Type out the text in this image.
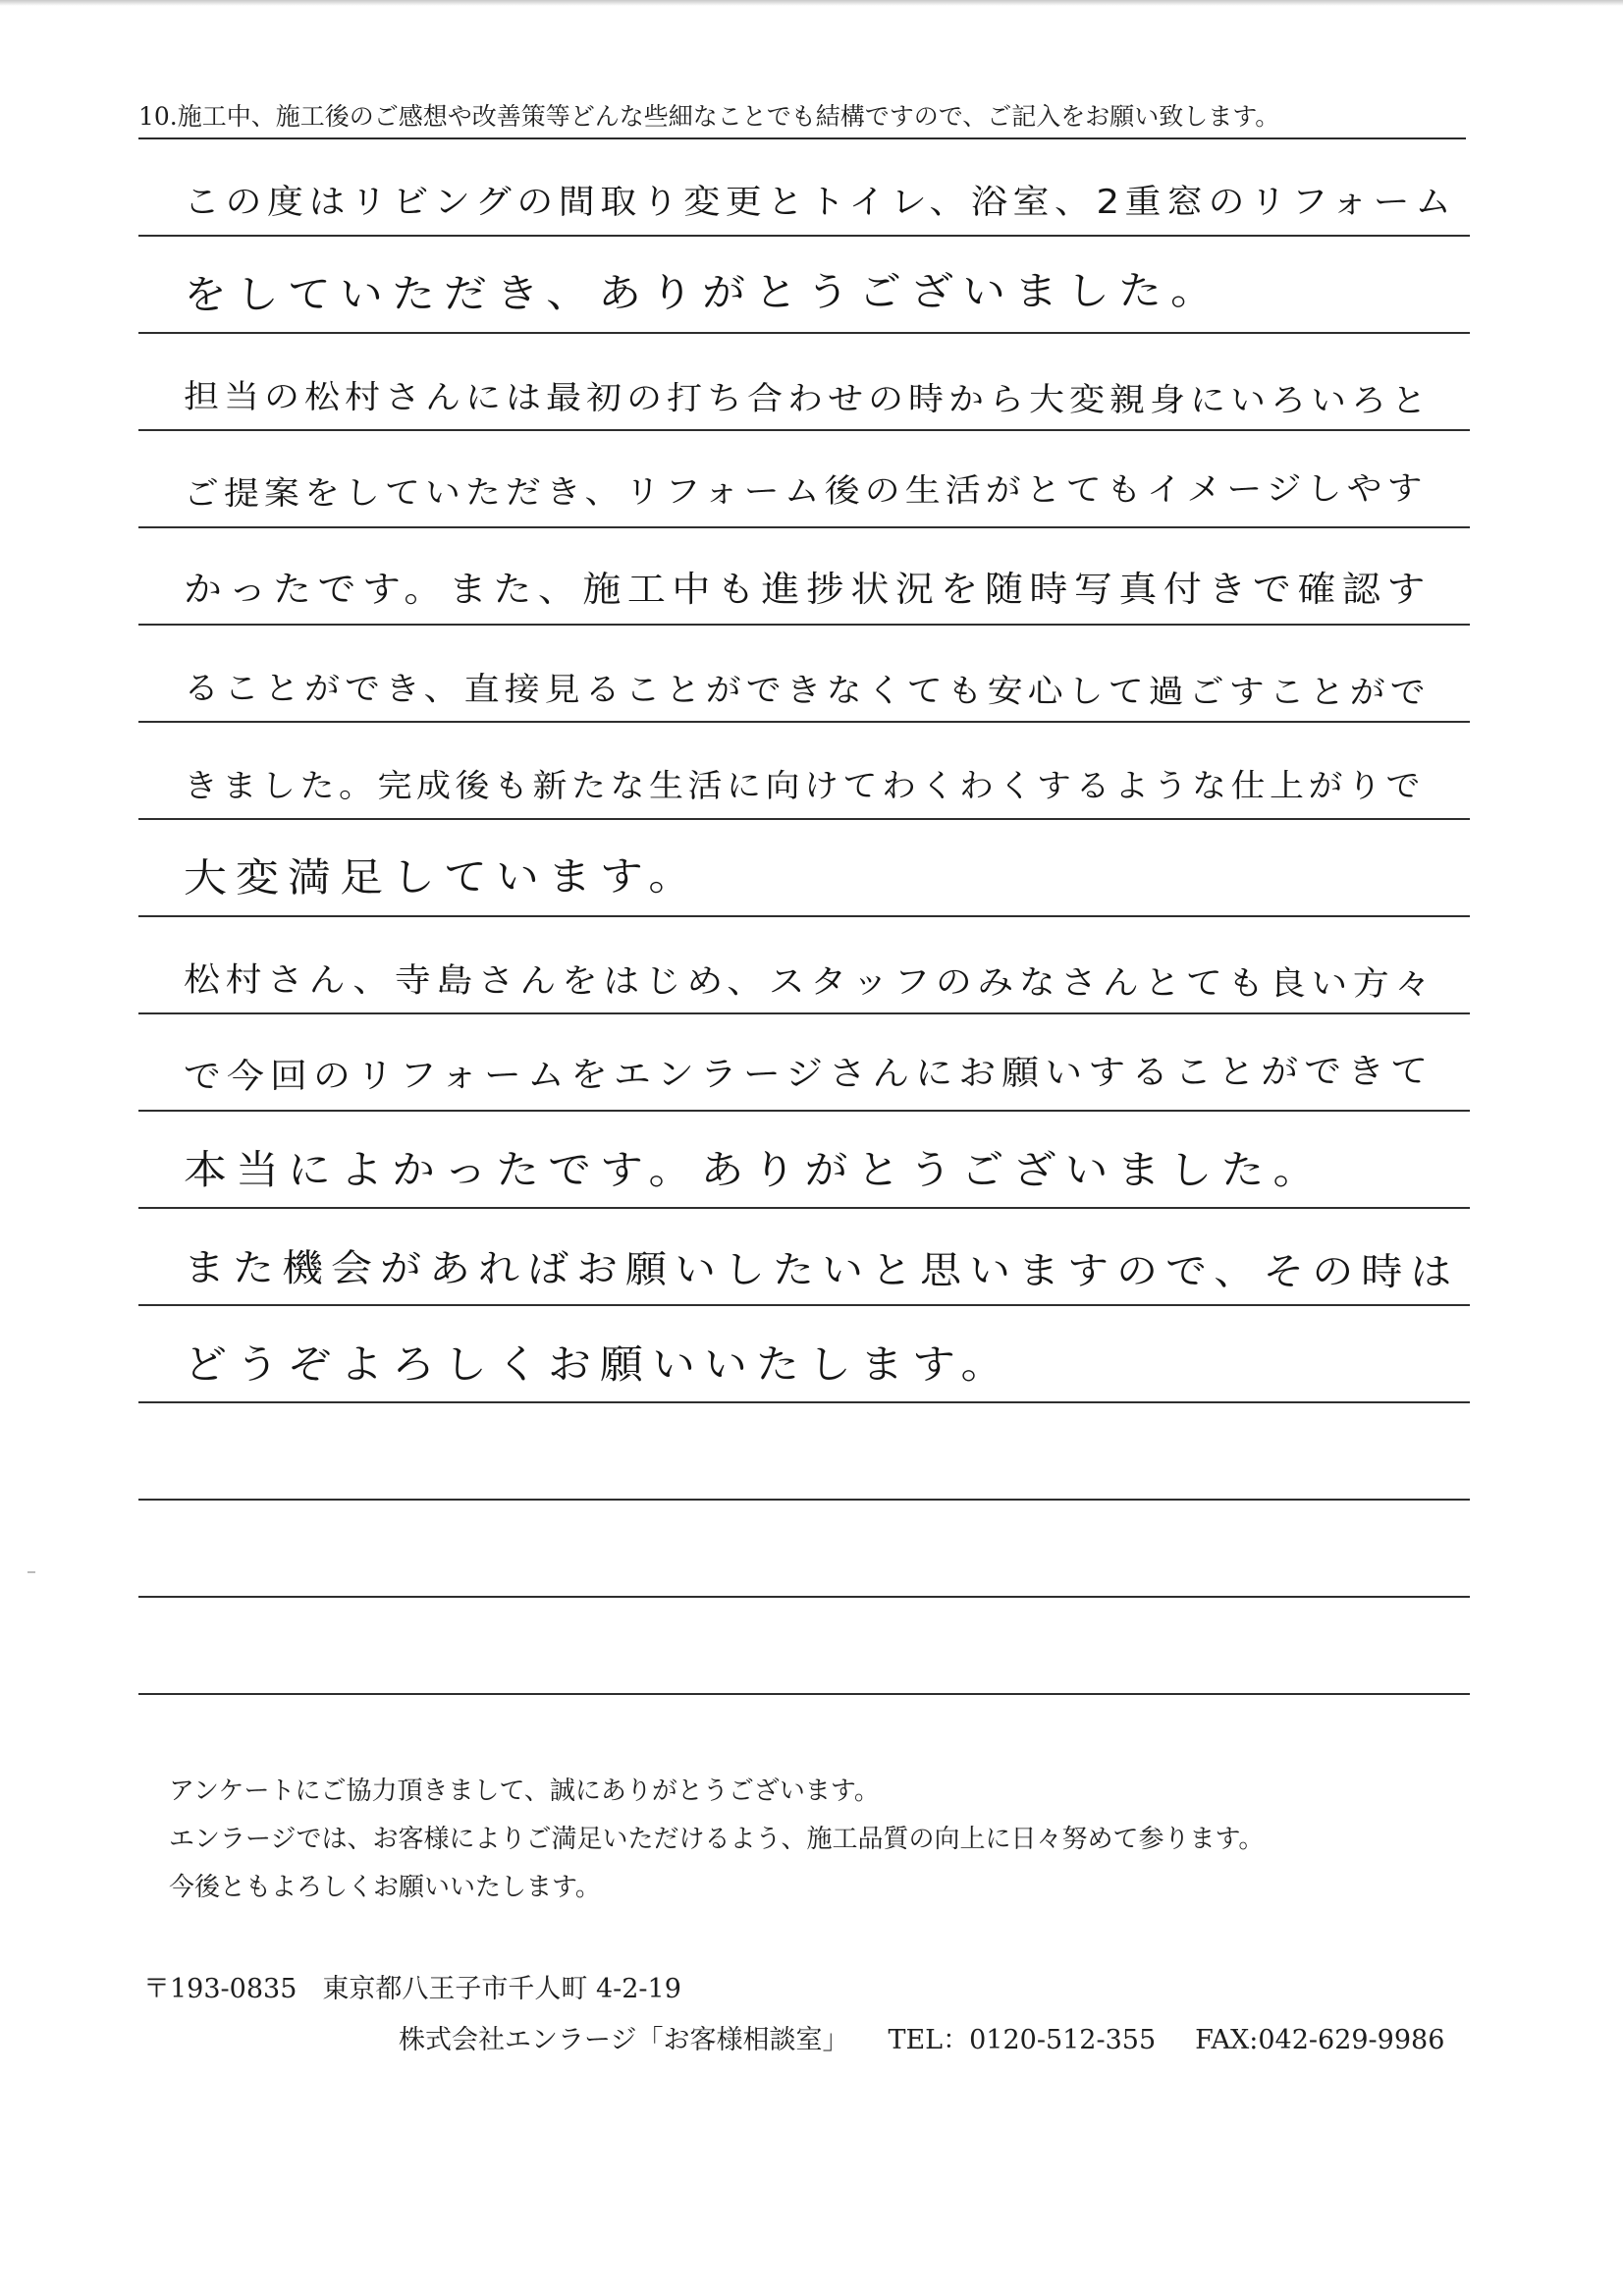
10.施工中、施工後のご感想や改善策等どんな些細なことでも結構ですので、ご記入をお願い致します。
この度はリビングの間取り変更とトイレ、浴室、2重窓のリフォーム
をしていただき、ありがとうございました。
担当の松村さんには最初の打ち合わせの時から大変親身にいろいろと
ご提案をしていただき、リフォーム後の生活がとてもイメージしやす
かったです。また、施工中も進捗状況を随時写真付きで確認す
ることができ、直接見ることができなくても安心して過ごすことがで
きました。完成後も新たな生活に向けてわくわくするような仕上がりで
大変満足しています。
松村さん、寺島さんをはじめ、スタッフのみなさんとても良い方々
で今回のリフォームをエンラージさんにお願いすることができて
本当によかったです。ありがとうございました。
また機会があればお願いしたいと思いますので、その時は
どうぞよろしくお願いいたします。
アンケートにご協力頂きまして、誠にありがとうございます。
エンラージでは、お客様によりご満足いただけるよう、施工品質の向上に日々努めて参ります。
今後ともよろしくお願いいたします。
〒193-0835 東京都八王子市千人町 4-2-19
株式会社エンラージ「お客様相談室」 TEL：0120-512-355 FAX:042-629-9986
